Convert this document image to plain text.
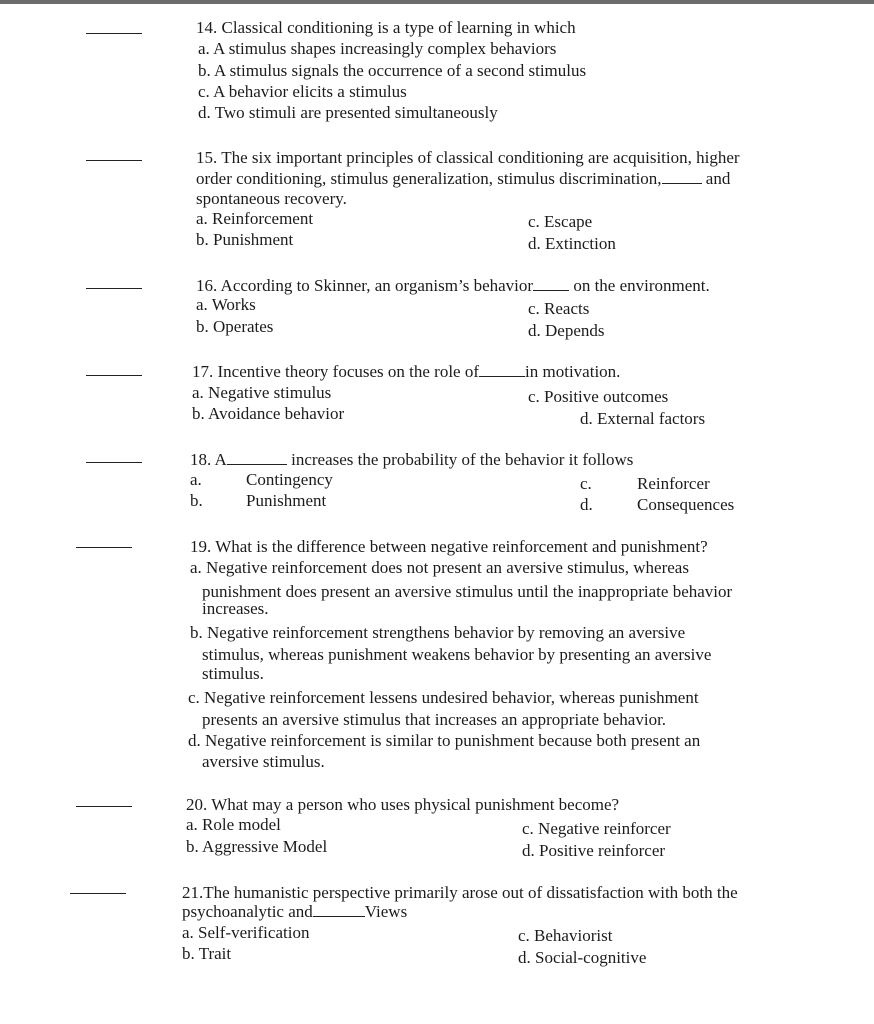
14. Classical conditioning is a type of learning in which
a. A stimulus shapes increasingly complex behaviors
b. A stimulus signals the occurrence of a second stimulus
c. A behavior elicits a stimulus
d. Two stimuli are presented simultaneously
15. The six important principles of classical conditioning are acquisition, higher
order conditioning, stimulus generalization, stimulus discrimination,	and
spontaneous recovery.
a. Reinforcement	c. Escape
b. Punishment	d. Extinction
16. According to Skinner, an organism’s behavior on the environment.
a. Works	c. Reacts
b. Operates	d. Depends
17. Incentive theory focuses on the role of	in motivation.
a. Negative stimulus	c. Positive outcomes
b. Avoidance behavior	d. External factors
18. A	increases the probability of the behavior it follows
a.	Contingency	c.	Reinforcer
b.	Punishment	d.	Consequences
19. What is the difference between negative reinforcement and punishment?
a. Negative reinforcement does not present an aversive stimulus, whereas
punishment does present an aversive stimulus until the inappropriate behavior
increases.
b. Negative reinforcement strengthens behavior by removing an aversive
stimulus, whereas punishment weakens behavior by presenting an aversive
stimulus.
c. Negative reinforcement lessens undesired behavior, whereas punishment
presents an aversive stimulus that increases an appropriate behavior.
d. Negative reinforcement is similar to punishment because both present an
aversive stimulus.
20. What may a person who uses physical punishment become?
a. Role model	c. Negative reinforcer
b. Aggressive Model	d. Positive reinforcer
21.The humanistic perspective primarily arose out of dissatisfaction with both the
psychoanalytic and	Views
a. Self-verification	c. Behaviorist
b. Trait	d. Social-cognitive
